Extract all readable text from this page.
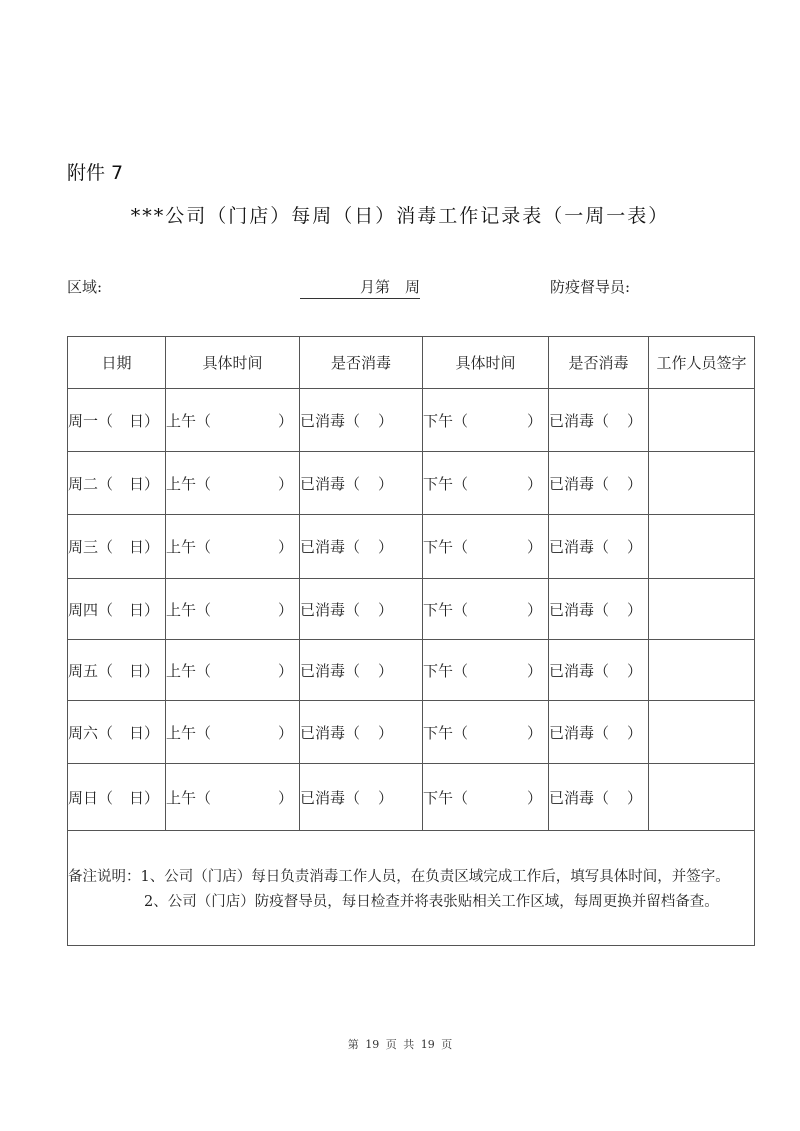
附件 7
***公司（门店）每周（日）消毒工作记录表（一周一表）
区域:	月第　周	防疫督导员:
日期	具体时间	是否消毒	具体时间	是否消毒	工作人员签字

周一（ 日）	上午（ ）	已消毒（ ）	下午（ ）	已消毒（ ）	

周二（ 日）	上午（ ）	已消毒（ ）	下午（ ）	已消毒（ ）	

周三（ 日）	上午（ ）	已消毒（ ）	下午（ ）	已消毒（ ）	

周四（ 日）	上午（ ）	已消毒（ ）	下午（ ）	已消毒（ ）	

周五（ 日）	上午（ ）	已消毒（ ）	下午（ ）	已消毒（ ）	

周六（ 日）	上午（ ）	已消毒（ ）	下午（ ）	已消毒（ ）	

周日（ 日）	上午（ ）	已消毒（ ）	下午（ ）	已消毒（ ）	

备注说明：1、公司（门店）每日负责消毒工作人员，在负责区域完成工作后，填写具体时间，并签字。
2、公司（门店）防疫督导员，每日检查并将表张贴相关工作区域，每周更换并留档备查。					
第 19 页 共 19 页
